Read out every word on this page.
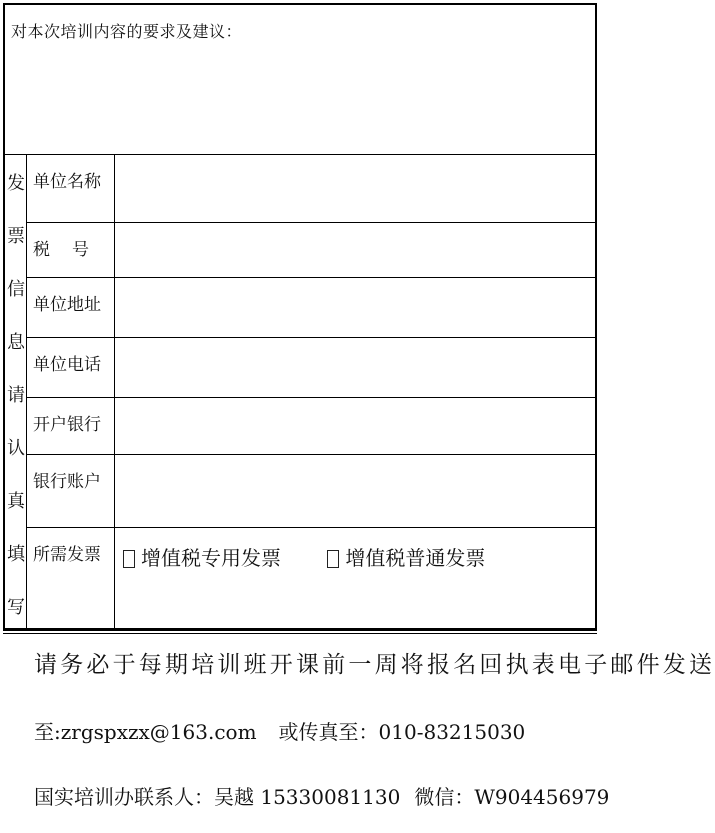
对本次培训内容的要求及建议：
发
票
信
息
请
认
真
填
写
单位名称
税号
单位地址
单位电话
开户银行
银行账户
所需发票	增值税专用发票	增值税普通发票
请务必于每期培训班开课前一周将报名回执表电子邮件发送
至:zrgspxzx@163.com 或传真至：010-83215030
国实培训办联系人：吴越 15330081130 微信：W904456979
